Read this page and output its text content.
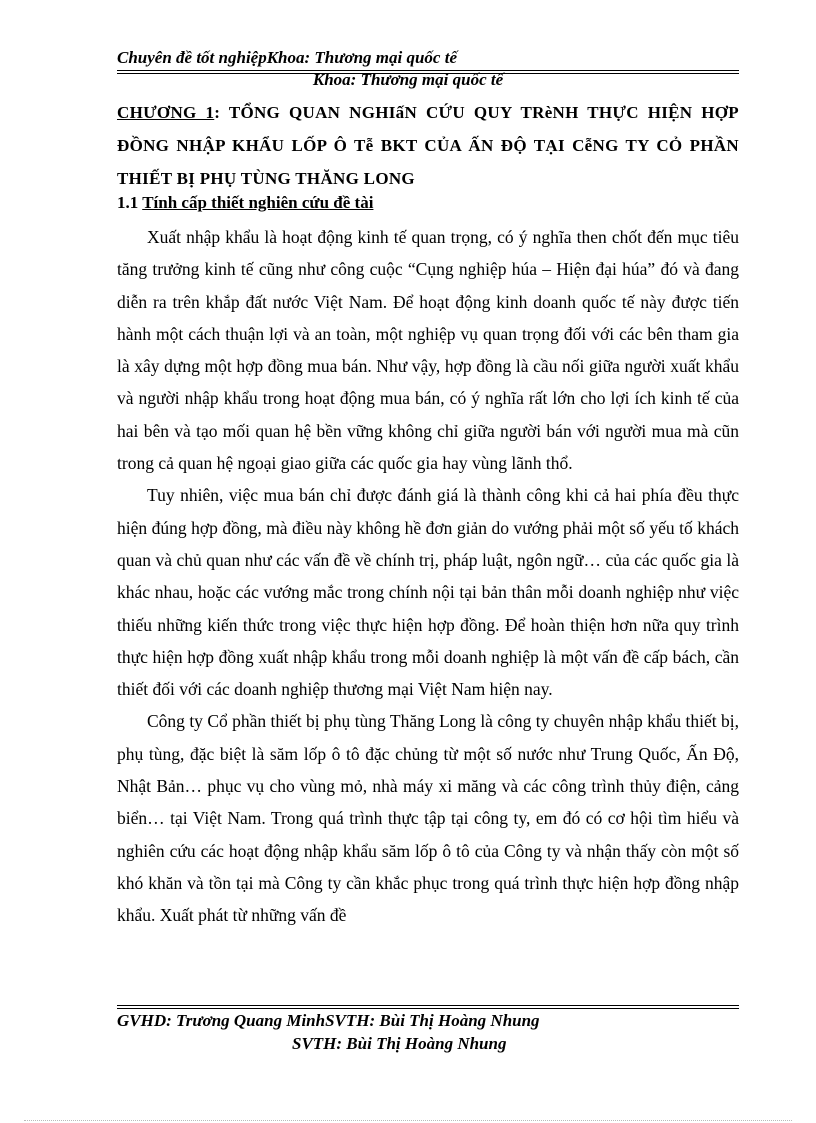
Chuyên đề tốt nghiệpKhoa: Thương mại quốc tế
Khoa: Thương mại quốc tế
CHƯƠNG 1: TỔNG QUAN NGHIấN CỨU QUY TRèNH THỰC HIỆN HỢP ĐỒNG NHẬP KHẨU LỐP Ô Tễ BKT CỦA ẤN ĐỘ TẠI CễNG TY CỎ PHẦN THIẾT BỊ PHỤ TÙNG THĂNG LONG
1.1 Tính cấp thiết nghiên cứu đề tài

Xuất nhập khẩu là hoạt động kinh tế quan trọng, có ý nghĩa then chốt đến mục tiêu tăng trưởng kinh tế cũng như công cuộc “Cụng nghiệp húa – Hiện đại húa” đó và đang diễn ra trên khắp đất nước Việt Nam. Để hoạt động kinh doanh quốc tế này được tiến hành một cách thuận lợi và an toàn, một nghiệp vụ quan trọng đối với các bên tham gia là xây dựng một hợp đồng mua bán. Như vậy, hợp đồng là cầu nối giữa người xuất khẩu và người nhập khẩu trong hoạt động mua bán, có ý nghĩa rất lớn cho lợi ích kinh tế của hai bên và tạo mối quan hệ bền vững không chỉ giữa người bán với người mua mà cũn trong cả quan hệ ngoại giao giữa các quốc gia hay vùng lãnh thổ.

Tuy nhiên, việc mua bán chỉ được đánh giá là thành công khi cả hai phía đều thực hiện đúng hợp đồng, mà điều này không hề đơn giản do vướng phải một số yếu tố khách quan và chủ quan như các vấn đề về chính trị, pháp luật, ngôn ngữ… của các quốc gia là khác nhau, hoặc các vướng mắc trong chính nội tại bản thân mỗi doanh nghiệp như việc thiếu những kiến thức trong việc thực hiện hợp đồng. Để hoàn thiện hơn nữa quy trình thực hiện hợp đồng xuất nhập khẩu trong mỗi doanh nghiệp là một vấn đề cấp bách, cần thiết đối với các doanh nghiệp thương mại Việt Nam hiện nay.

Công ty Cổ phần thiết bị phụ tùng Thăng Long là công ty chuyên nhập khẩu thiết bị, phụ tùng, đặc biệt là săm lốp ô tô đặc chủng từ một số nước như Trung Quốc, Ấn Độ, Nhật Bản… phục vụ cho vùng mỏ, nhà máy xi măng và các công trình thủy điện, cảng biển… tại Việt Nam. Trong quá trình thực tập tại công ty, em đó có cơ hội tìm hiểu và nghiên cứu các hoạt động nhập khẩu săm lốp ô tô của Công ty và nhận thấy còn một số khó khăn và tồn tại mà Công ty cần khắc phục trong quá trình thực hiện hợp đồng nhập khẩu. Xuất phát từ những vấn đề

GVHD: Trương Quang MinhSVTH: Bùi Thị Hoàng Nhung
SVTH: Bùi Thị Hoàng Nhung
